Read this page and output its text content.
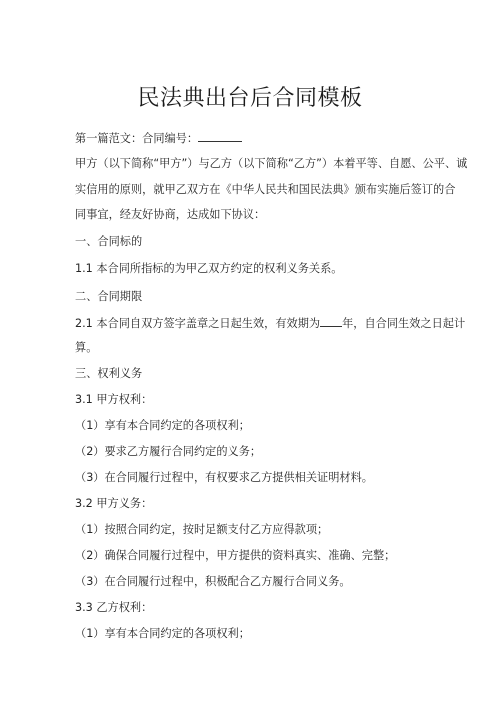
民法典出台后合同模板
第一篇范文：合同编号：
甲方（以下简称“甲方”）与乙方（以下简称“乙方”）本着平等、自愿、公平、诚
实信用的原则，就甲乙双方在《中华人民共和国民法典》颁布实施后签订的合
同事宜，经友好协商，达成如下协议：
一、合同标的
1.1 本合同所指标的为甲乙双方约定的权利义务关系。
二、合同期限
2.1 本合同自双方签字盖章之日起生效，有效期为 年，自合同生效之日起计
算。
三、权利义务
3.1 甲方权利：
（1）享有本合同约定的各项权利；
（2）要求乙方履行合同约定的义务；
（3）在合同履行过程中，有权要求乙方提供相关证明材料。
3.2 甲方义务：
（1）按照合同约定，按时足额支付乙方应得款项；
（2）确保合同履行过程中，甲方提供的资料真实、准确、完整；
（3）在合同履行过程中，积极配合乙方履行合同义务。
3.3 乙方权利：
（1）享有本合同约定的各项权利；
